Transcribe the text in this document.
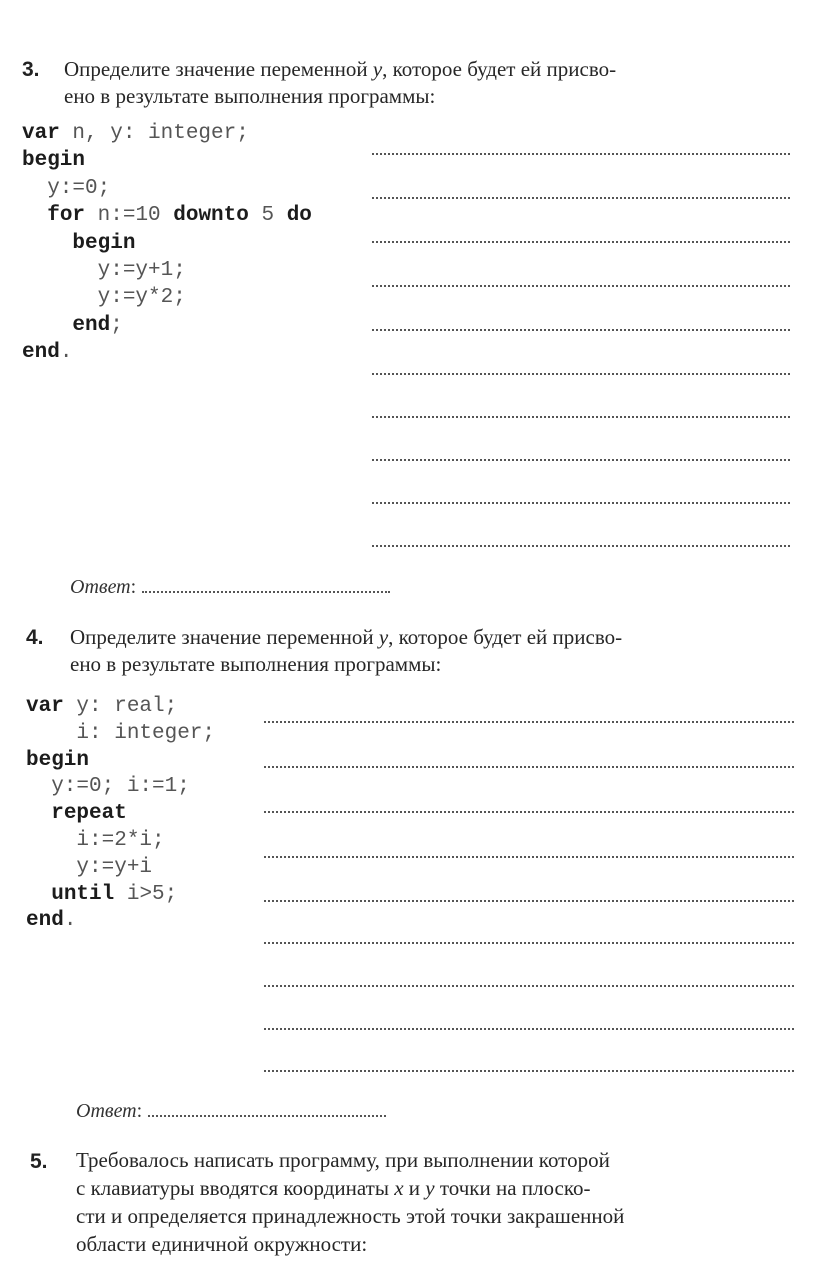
3. Определите значение переменной y, которое будет ей присво-
ено в результате выполнения программы:
var n, y: integer;
begin
y:=0;
for n:=10 downto 5 do
begin
y:=y+1;
y:=y*2;
end;
end.
Ответ:
4. Определите значение переменной y, которое будет ей присво-
ено в результате выполнения программы:
var y: real;
i: integer;
begin
y:=0; i:=1;
repeat
i:=2*i;
y:=y+i
until i>5;
end.
Ответ:
5. Требовалось написать программу, при выполнении которой
с клавиатуры вводятся координаты x и y точки на плоско-
сти и определяется принадлежность этой точки закрашенной
области единичной окружности:
